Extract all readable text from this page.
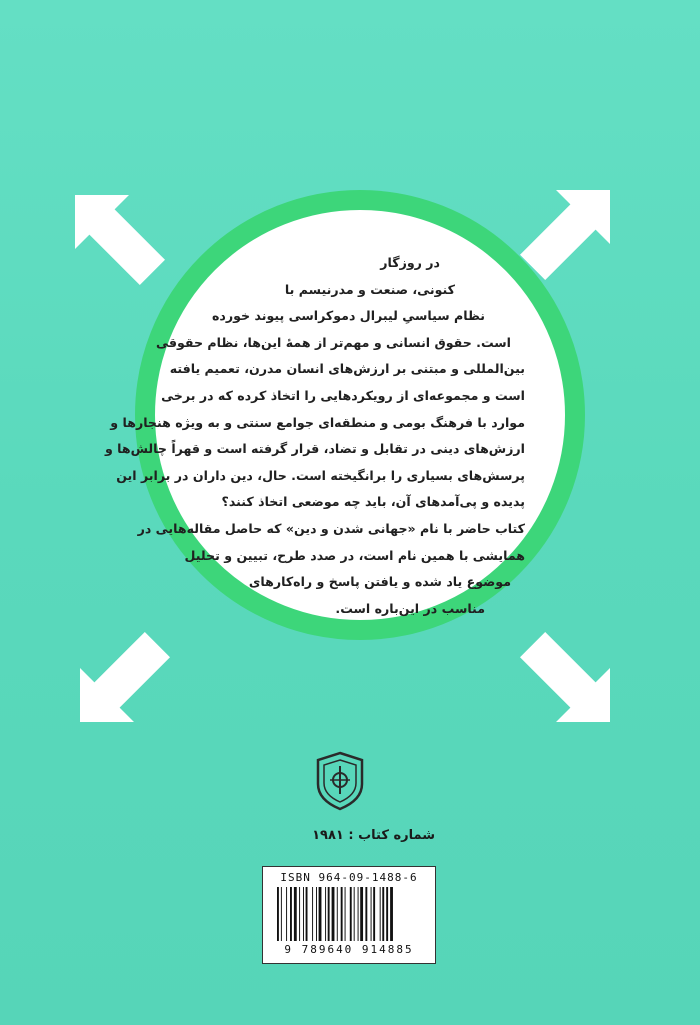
در روزگار
کنونی، صنعت و مدرنیسم با
نظام سیاسیِ لیبرال دموکراسی پیوند خورده
است. حقوق انسانی و مهم‌تر از همهٔ این‌ها، نظام حقوقی
بین‌المللی و مبتنی بر ارزش‌های انسان مدرن، تعمیم یافته
است و مجموعه‌ای از رویکردهایی را اتخاذ کرده که در برخی
موارد با فرهنگ بومی و منطقه‌ای جوامع سنتی و به ویژه هنجارها و
ارزش‌های دینی در تقابل و تضاد، قرار گرفته است و قهراً چالش‌ها و
پرسش‌های بسیاری را برانگیخته است. حال، دین داران در برابر این
پدیده و پی‌آمدهای آن، باید چه موضعی اتخاذ کنند؟
کتاب حاضر با نام «جهانی شدن و دین» که حاصل مقاله‌هایی در
همایشی با همین نام است، در صدد طرح، تبیین و تحلیل
موضوع یاد شده و یافتن پاسخ و راه‌کارهای
مناسب در این‌باره است.
شماره کتاب : ۱۹۸۱
ISBN 964-09-1488-6
9 789640 914885
